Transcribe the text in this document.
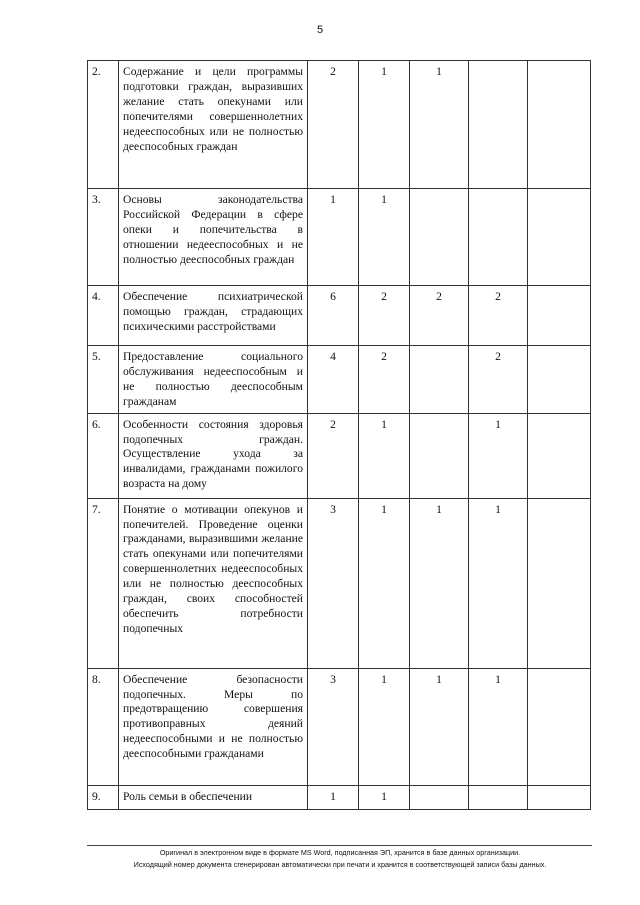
5
2.	Содержание и цели программы подготовки граждан, выразивших желание стать опекунами или попечителями совершеннолетних недееспособных или не полностью дееспособных граждан	2	1	1		
3.	Основы законодательства Российской Федерации в сфере опеки и попечительства в отношении недееспособных и не полностью дееспособных граждан	1	1			
4.	Обеспечение психиатрической помощью граждан, страдающих психическими расстройствами	6	2	2	2	
5.	Предоставление социального обслуживания недееспособным и не полностью дееспособным гражданам	4	2		2	
6.	Особенности состояния здоровья подопечных граждан. Осуществление ухода за инвалидами, гражданами пожилого возраста на дому	2	1		1	
7.	Понятие о мотивации опекунов и попечителей. Проведение оценки гражданами, выразившими желание стать опекунами или попечителями совершеннолетних недееспособных или не полностью дееспособных граждан, своих способностей обеспечить потребности подопечных	3	1	1	1	
8.	Обеспечение безопасности подопечных. Меры по предотвращению совершения противоправных деяний недееспособными и не полностью дееспособными гражданами	3	1	1	1	
9.	Роль семьи в обеспечении	1	1			
Оригинал в электронном виде в формате MS Word, подписанная ЭП, хранится в базе данных организации.
Исходящий номер документа сгенерирован автоматически при печати и хранится в соответствующей записи базы данных.
